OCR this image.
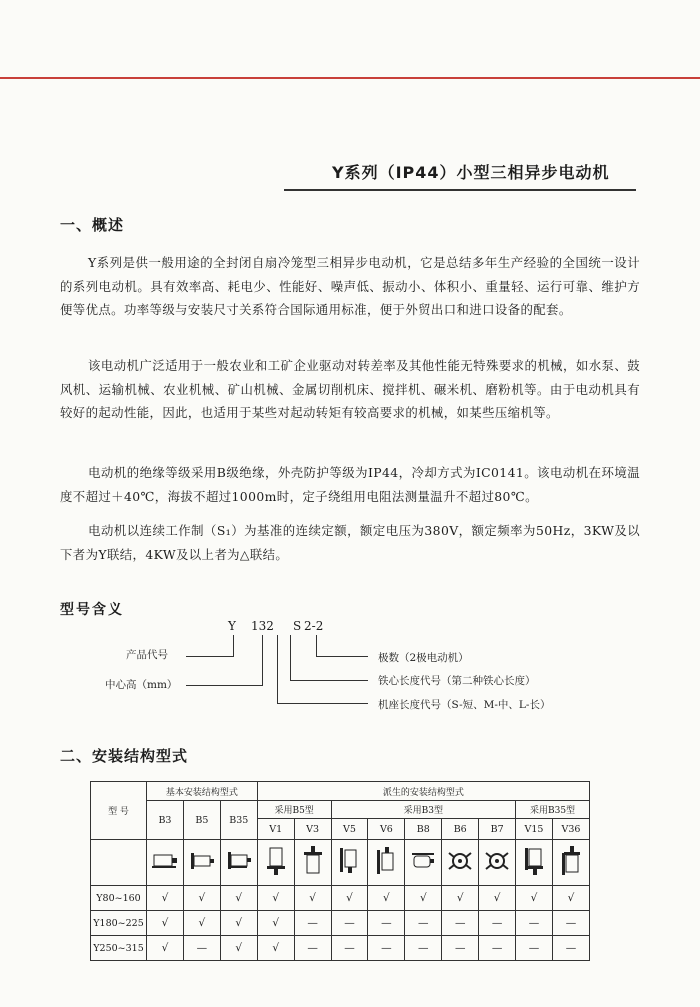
Y系列（IP44）小型三相异步电动机
一、概述
Y系列是供一般用途的全封闭自扇冷笼型三相异步电动机，它是总结多年生产经验的全国统一设计的系列电动机。具有效率高、耗电少、性能好、噪声低、振动小、体积小、重量轻、运行可靠、维护方便等优点。功率等级与安装尺寸关系符合国际通用标准，便于外贸出口和进口设备的配套。
该电动机广泛适用于一般农业和工矿企业驱动对转差率及其他性能无特殊要求的机械，如水泵、鼓风机、运输机械、农业机械、矿山机械、金属切削机床、搅拌机、碾米机、磨粉机等。由于电动机具有较好的起动性能，因此，也适用于某些对起动转矩有较高要求的机械，如某些压缩机等。
电动机的绝缘等级采用B级绝缘，外壳防护等级为IP44，冷却方式为IC0141。该电动机在环境温度不超过＋40℃，海拔不超过1000m时，定子绕组用电阻法测量温升不超过80℃。
电动机以连续工作制（S₁）为基准的连续定额，额定电压为380V，额定频率为50Hz，3KW及以下者为Y联结，4KW及以上者为△联结。
型号含义
Y 132 S 2-2
产品代号
中心高（mm）
极数（2极电动机）
铁心长度代号（第二种铁心长度）
机座长度代号（S-短、M-中、L-长）
二、安装结构型式
型 号	基本安装结构型式			派生的安装结构型式								
	B3	B5	B35	采用B5型		采用B3型					采用B35型	
				V1	V3	V5	V6	B8	B6	B7	V15	V36

Y80~160	√	√	√	√	√	√	√	√	√	√	√	√
Y180~225	√	√	√	√	—	—	—	—	—	—	—	—
Y250~315	√	—	√	√	—	—	—	—	—	—	—	—
